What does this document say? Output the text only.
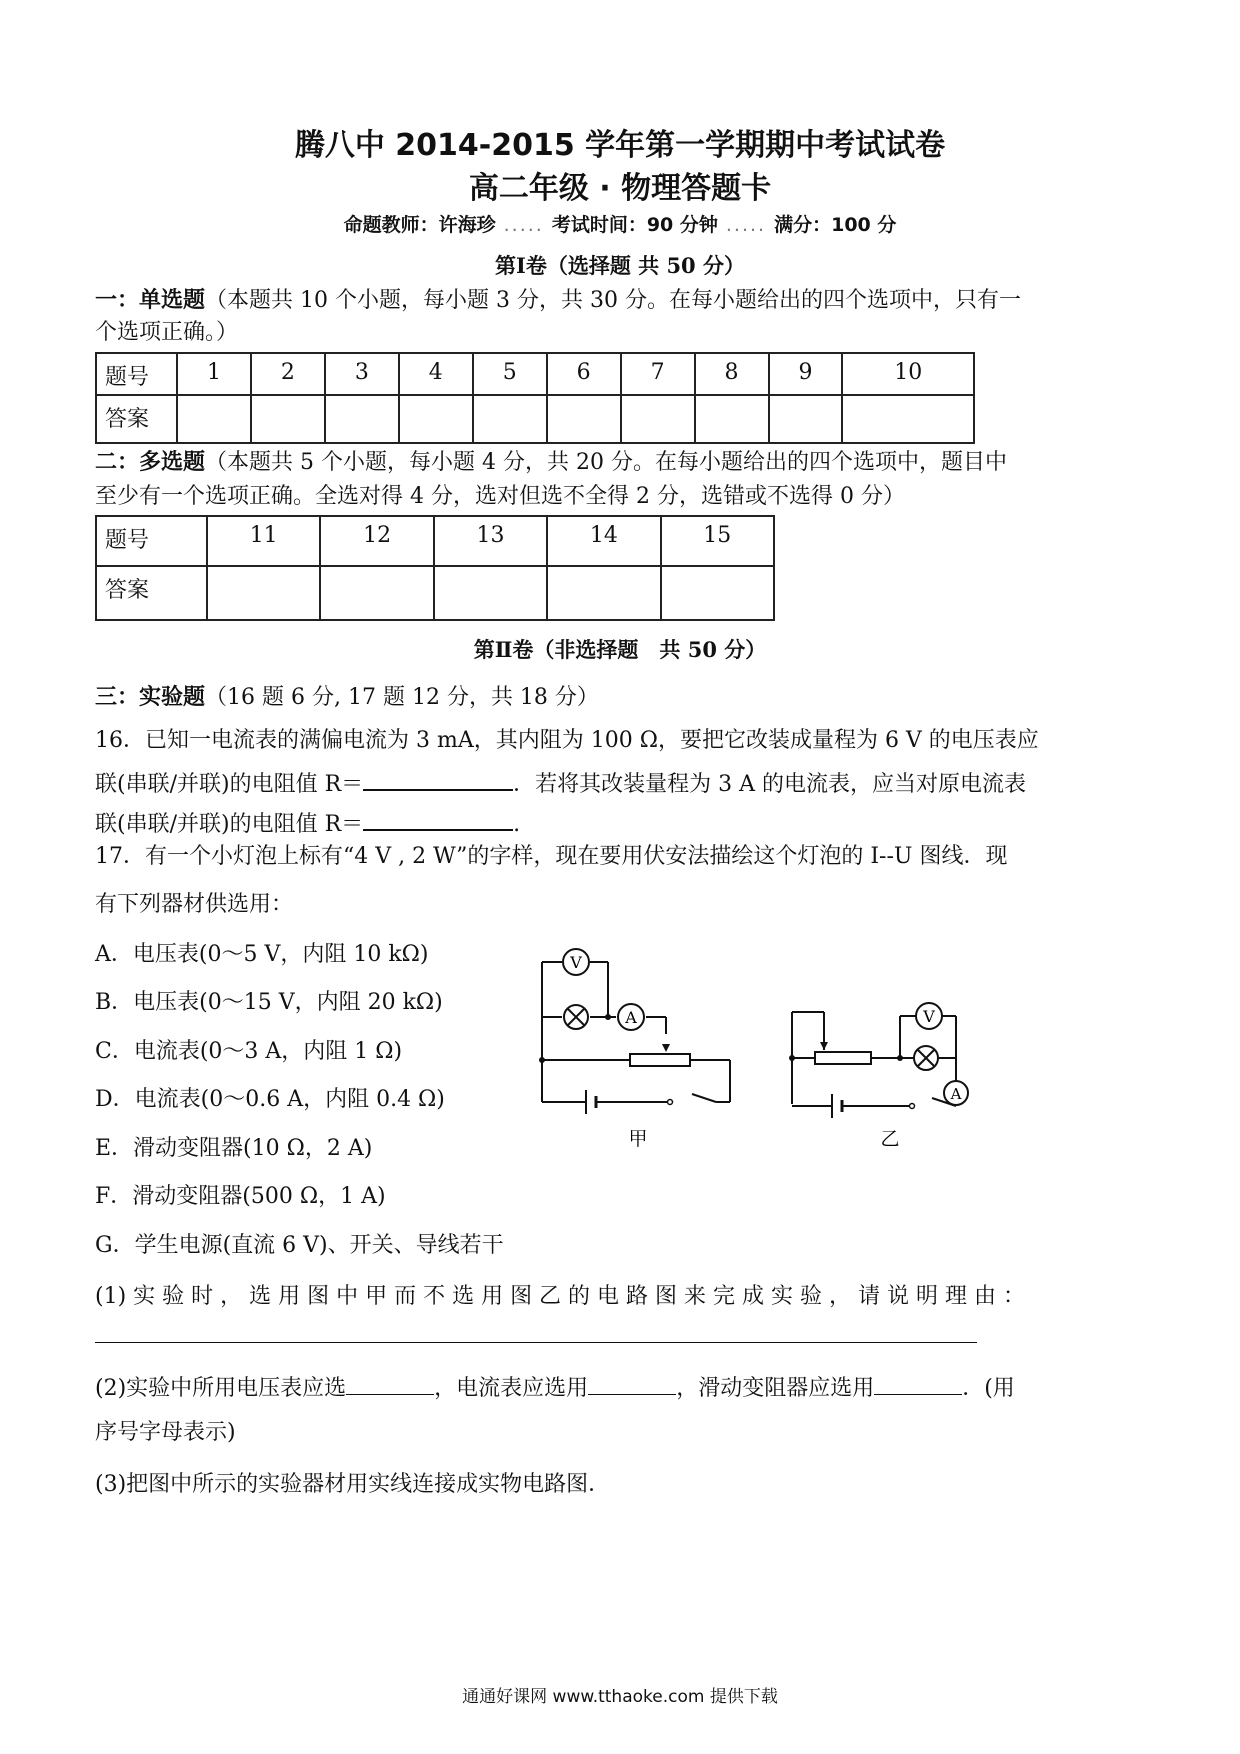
腾八中 2014-2015 学年第一学期期中考试试卷
高二年级 · 物理答题卡
命题教师：许海珍 ..... 考试时间：90 分钟 ..... 满分：100 分
第Ⅰ卷（选择题 共 50 分）
一：单选题（本题共 10 个小题，每小题 3 分，共 30 分。在每小题给出的四个选项中，只有一
个选项正确。）
题号	1	2	3	4	5	6	7	8	9	10
答案										
二：多选题（本题共 5 个小题，每小题 4 分，共 20 分。在每小题给出的四个选项中，题目中
至少有一个选项正确。全选对得 4 分，选对但选不全得 2 分，选错或不选得 0 分）
题号	11	12	13	14	15
答案					
第Ⅱ卷（非选择题　共 50 分）
三：实验题（16 题 6 分, 17 题 12 分，共 18 分）
16．已知一电流表的满偏电流为 3 mA，其内阻为 100 Ω，要把它改装成量程为 6 V 的电压表应
联(串联/并联)的电阻值 R＝	．若将其改装量程为 3 A 的电流表，应当对原电流表
联(串联/并联)的电阻值 R＝	.
17．有一个小灯泡上标有“4 V , 2 W”的字样，现在要用伏安法描绘这个灯泡的 I--U 图线．现
有下列器材供选用：
A．电压表(0～5 V，内阻 10 kΩ)
B．电压表(0～15 V，内阻 20 kΩ)
C．电流表(0～3 A，内阻 1 Ω)
D．电流表(0～0.6 A，内阻 0.4 Ω)
E．滑动变阻器(10 Ω，2 A)
F．滑动变阻器(500 Ω，1 A)
G．学生电源(直流 6 V)、开关、导线若干
V
A
甲
V
A
乙
(1) 实 验 时 ， 选 用 图 中 甲 而 不 选 用 图 乙 的 电 路 图 来 完 成 实 验 ， 请 说 明 理 由 ：
(2)实验中所用电压表应选	，电流表应选用	，滑动变阻器应选用	．(用
序号字母表示)
(3)把图中所示的实验器材用实线连接成实物电路图．
通通好课网 www.tthaoke.com 提供下载
